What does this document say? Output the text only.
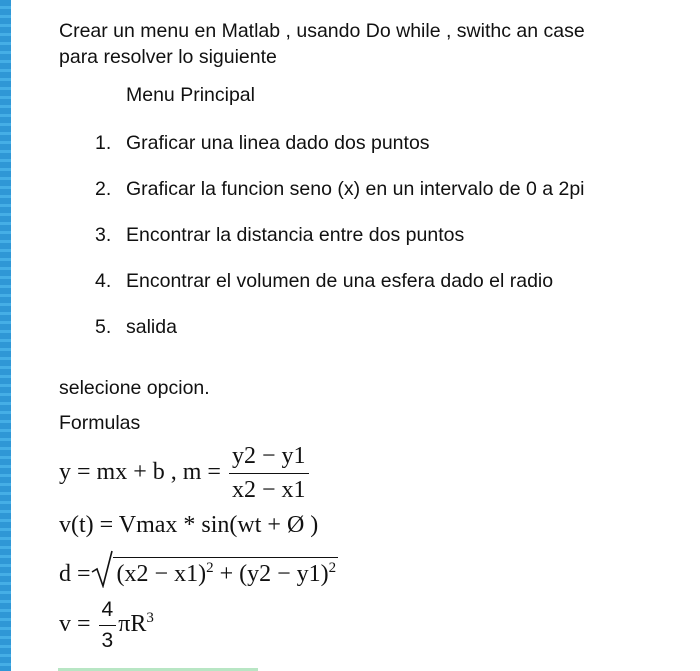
Crear un menu en Matlab , usando Do while , swithc an case

para resolver lo siguiente

Menu Principal
1. Graficar una linea dado dos puntos
2. Graficar la funcion seno (x) en un intervalo de 0 a 2pi
3. Encontrar la distancia entre dos puntos
4. Encontrar el volumen de una esfera dado el radio
5. salida
selecione opcion.
Formulas
y = mx + b , $m = \frac{y2 - y1}{x2 - x1}$
v(t) = Vmax * sin(wt + Ø )
$d = (x2 - x1)^2 + (y2 - y1)^2$
$v = \frac{4}{3} \pi R^3$
